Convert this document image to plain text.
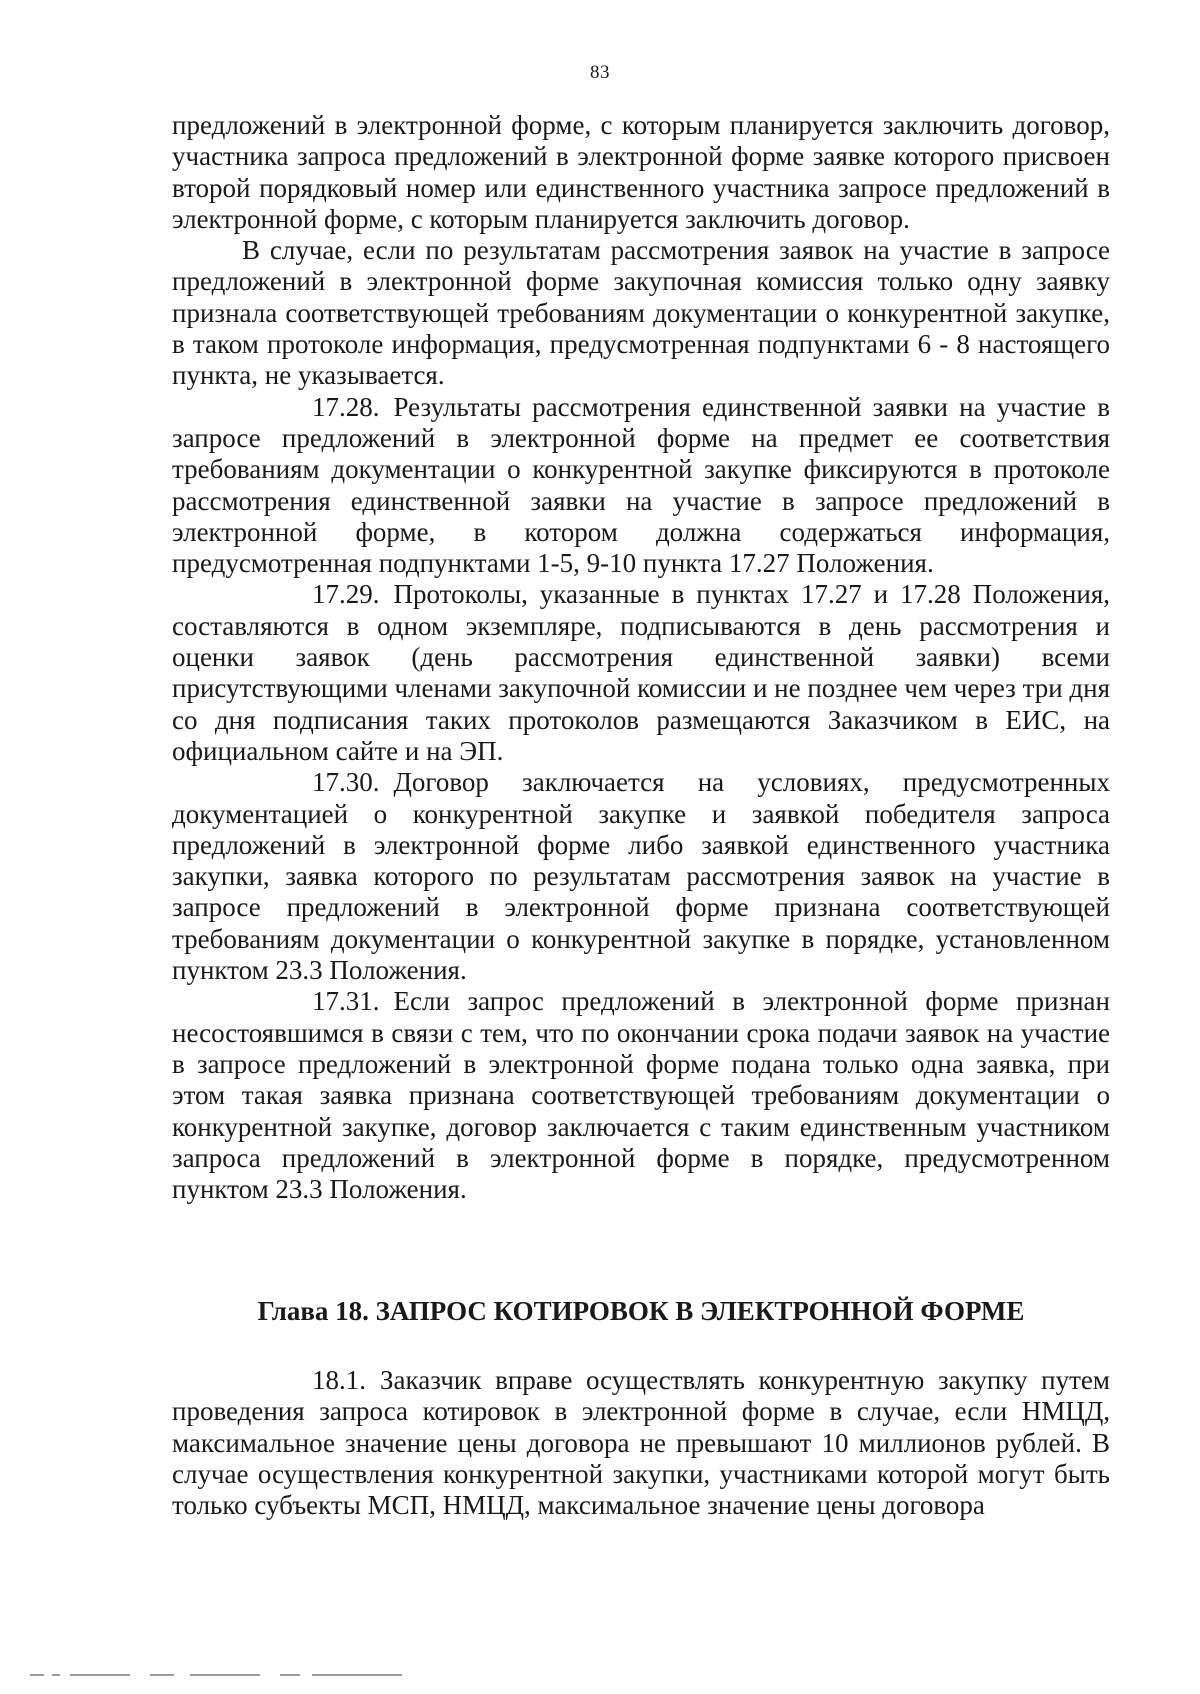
83

предложений в электронной форме, с которым планируется заключить договор, участника запроса предложений в электронной форме заявке которого присвоен второй порядковый номер или единственного участника запросе предложений в электронной форме, с которым планируется заключить договор.

В случае, если по результатам рассмотрения заявок на участие в запросе предложений в электронной форме закупочная комиссия только одну заявку признала соответствующей требованиям документации о конкурентной закупке, в таком протоколе информация, предусмотренная подпунктами 6 - 8 настоящего пункта, не указывается.

17.28. Результаты рассмотрения единственной заявки на участие в запросе предложений в электронной форме на предмет ее соответствия требованиям документации о конкурентной закупке фиксируются в протоколе рассмотрения единственной заявки на участие в запросе предложений в электронной форме, в котором должна содержаться информация, предусмотренная подпунктами 1-5, 9-10 пункта 17.27 Положения.

17.29. Протоколы, указанные в пунктах 17.27 и 17.28 Положения, составляются в одном экземпляре, подписываются в день рассмотрения и оценки заявок (день рассмотрения единственной заявки) всеми присутствующими членами закупочной комиссии и не позднее чем через три дня со дня подписания таких протоколов размещаются Заказчиком в ЕИС, на официальном сайте и на ЭП.

17.30. Договор заключается на условиях, предусмотренных документацией о конкурентной закупке и заявкой победителя запроса предложений в электронной форме либо заявкой единственного участника закупки, заявка которого по результатам рассмотрения заявок на участие в запросе предложений в электронной форме признана соответствующей требованиям документации о конкурентной закупке в порядке, установленном пунктом 23.3 Положения.

17.31. Если запрос предложений в электронной форме признан несостоявшимся в связи с тем, что по окончании срока подачи заявок на участие в запросе предложений в электронной форме подана только одна заявка, при этом такая заявка признана соответствующей требованиям документации о конкурентной закупке, договор заключается с таким единственным участником запроса предложений в электронной форме в порядке, предусмотренном пунктом 23.3 Положения.

Глава 18. ЗАПРОС КОТИРОВОК В ЭЛЕКТРОННОЙ ФОРМЕ

18.1. Заказчик вправе осуществлять конкурентную закупку путем проведения запроса котировок в электронной форме в случае, если НМЦД, максимальное значение цены договора не превышают 10 миллионов рублей. В случае осуществления конкурентной закупки, участниками которой могут быть только субъекты МСП, НМЦД, максимальное значение цены договора
